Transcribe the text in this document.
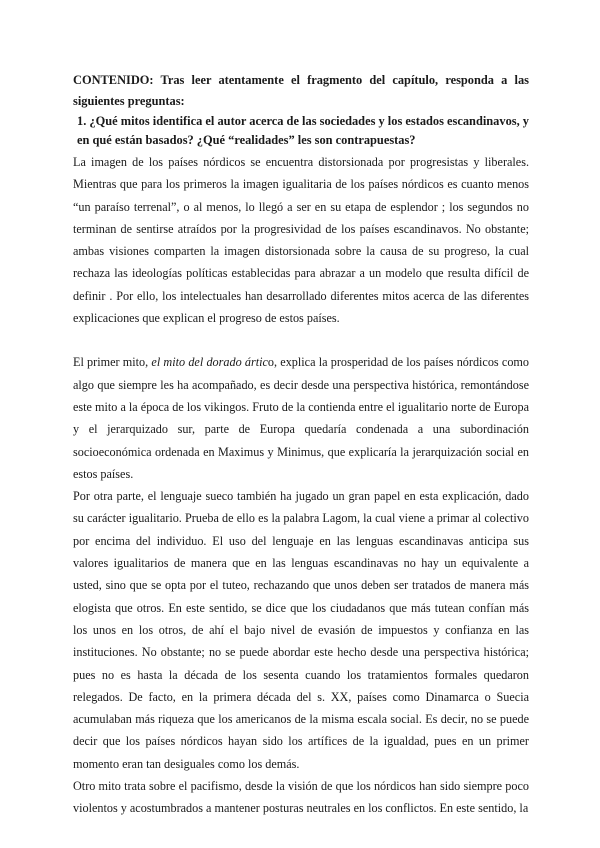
CONTENIDO: Tras leer atentamente el fragmento del capítulo, responda a las siguientes preguntas:

1. ¿Qué mitos identifica el autor acerca de las sociedades y los estados escandinavos, y en qué están basados? ¿Qué “realidades” les son contrapuestas?

La imagen de los países nórdicos se encuentra distorsionada por progresistas y liberales. Mientras que para los primeros la imagen igualitaria de los países nórdicos es cuanto menos “un paraíso terrenal”, o al menos, lo llegó a ser en su etapa de esplendor ; los segundos no terminan de sentirse atraídos por la progresividad de los países escandinavos. No obstante; ambas visiones comparten la imagen distorsionada sobre la causa de su progreso, la cual rechaza las ideologías políticas establecidas para abrazar a un modelo que resulta difícil de definir . Por ello, los intelectuales han desarrollado diferentes mitos acerca de las diferentes explicaciones que explican el progreso de estos países.

El primer mito, el mito del dorado ártico, explica la prosperidad de los países nórdicos como algo que siempre les ha acompañado, es decir desde una perspectiva histórica, remontándose este mito a la época de los vikingos. Fruto de la contienda entre el igualitario norte de Europa y el jerarquizado sur, parte de Europa quedaría condenada a una subordinación socioeconómica ordenada en Maximus y Minimus, que explicaría la jerarquización social en estos países.

Por otra parte, el lenguaje sueco también ha jugado un gran papel en esta explicación, dado su carácter igualitario. Prueba de ello es la palabra Lagom, la cual viene a primar al colectivo por encima del individuo. El uso del lenguaje en las lenguas escandinavas anticipa sus valores igualitarios de manera que en las lenguas escandinavas no hay un equivalente a usted, sino que se opta por el tuteo, rechazando que unos deben ser tratados de manera más elogista que otros. En este sentido, se dice que los ciudadanos que más tutean confían más los unos en los otros, de ahí el bajo nivel de evasión de impuestos y confianza en las instituciones. No obstante; no se puede abordar este hecho desde una perspectiva histórica; pues no es hasta la década de los sesenta cuando los tratamientos formales quedaron relegados. De facto, en la primera década del s. XX, países como Dinamarca o Suecia acumulaban más riqueza que los americanos de la misma escala social. Es decir, no se puede decir que los países nórdicos hayan sido los artífices de la igualdad, pues en un primer momento eran tan desiguales como los demás.

Otro mito trata sobre el pacifismo, desde la visión de que los nórdicos han sido siempre poco violentos y acostumbrados a mantener posturas neutrales en los conflictos. En este sentido, la
